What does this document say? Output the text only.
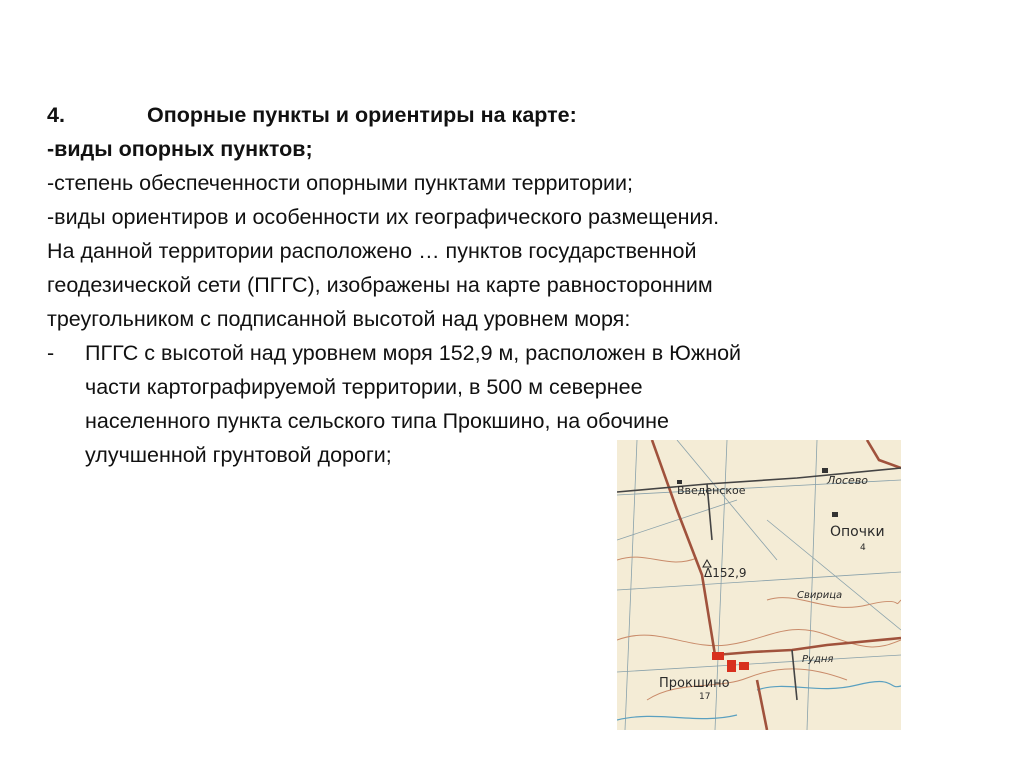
4.	Опорные пункты и ориентиры на карте:
-виды опорных пунктов;
-степень обеспеченности опорными пунктами территории;
-виды ориентиров и особенности их географического размещения.
На данной территории расположено … пунктов государственной
геодезической сети (ПГГС), изображены на карте равносторонним
треугольником с подписанной высотой над уровнем моря:
-	ПГГС с высотой над уровнем моря 152,9 м, расположен в Южной
части картографируемой территории, в 500 м севернее
населенного пункта сельского типа Прокшино, на обочине
улучшенной грунтовой дороги;
Введенское
Лосево
Опочки
4
Δ152,9
Свирица
Рудня
Прокшино
17
